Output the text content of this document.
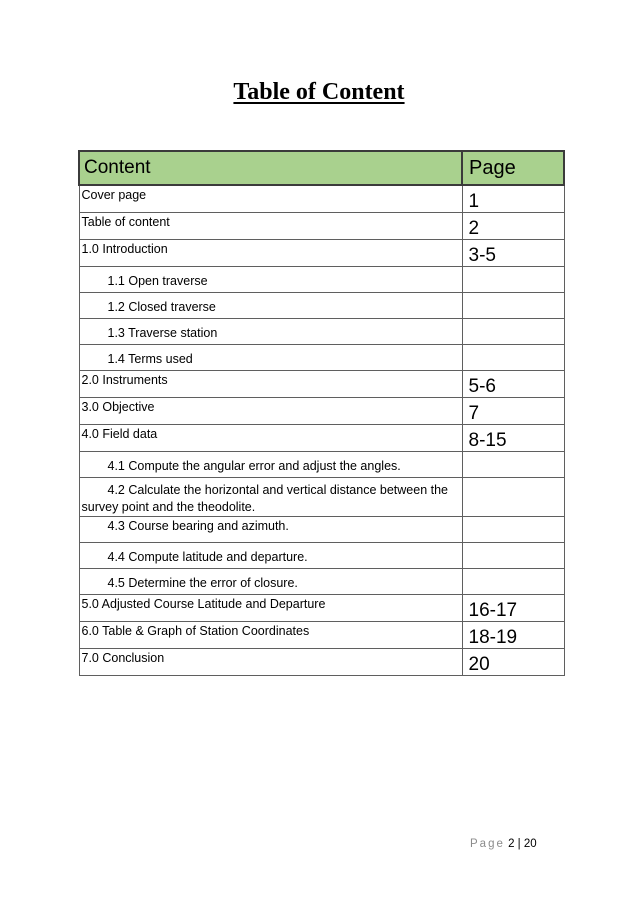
Table of Content
Content	Page

Cover page	1

Table of content	2

1.0 Introduction	3-5

1.1 Open traverse	

1.2 Closed traverse	

1.3 Traverse station	

1.4 Terms used	

2.0 Instruments	5-6

3.0 Objective	7

4.0 Field data	8-15

4.1 Compute the angular error and adjust the angles.	

4.2 Calculate the horizontal and vertical distance between the survey point and the theodolite.	

4.3 Course bearing and azimuth.	

4.4 Compute latitude and departure.	

4.5 Determine the error of closure.	

5.0 Adjusted Course Latitude and Departure	16-17

6.0 Table & Graph of Station Coordinates	18-19

7.0 Conclusion	20
Page 2 | 20
